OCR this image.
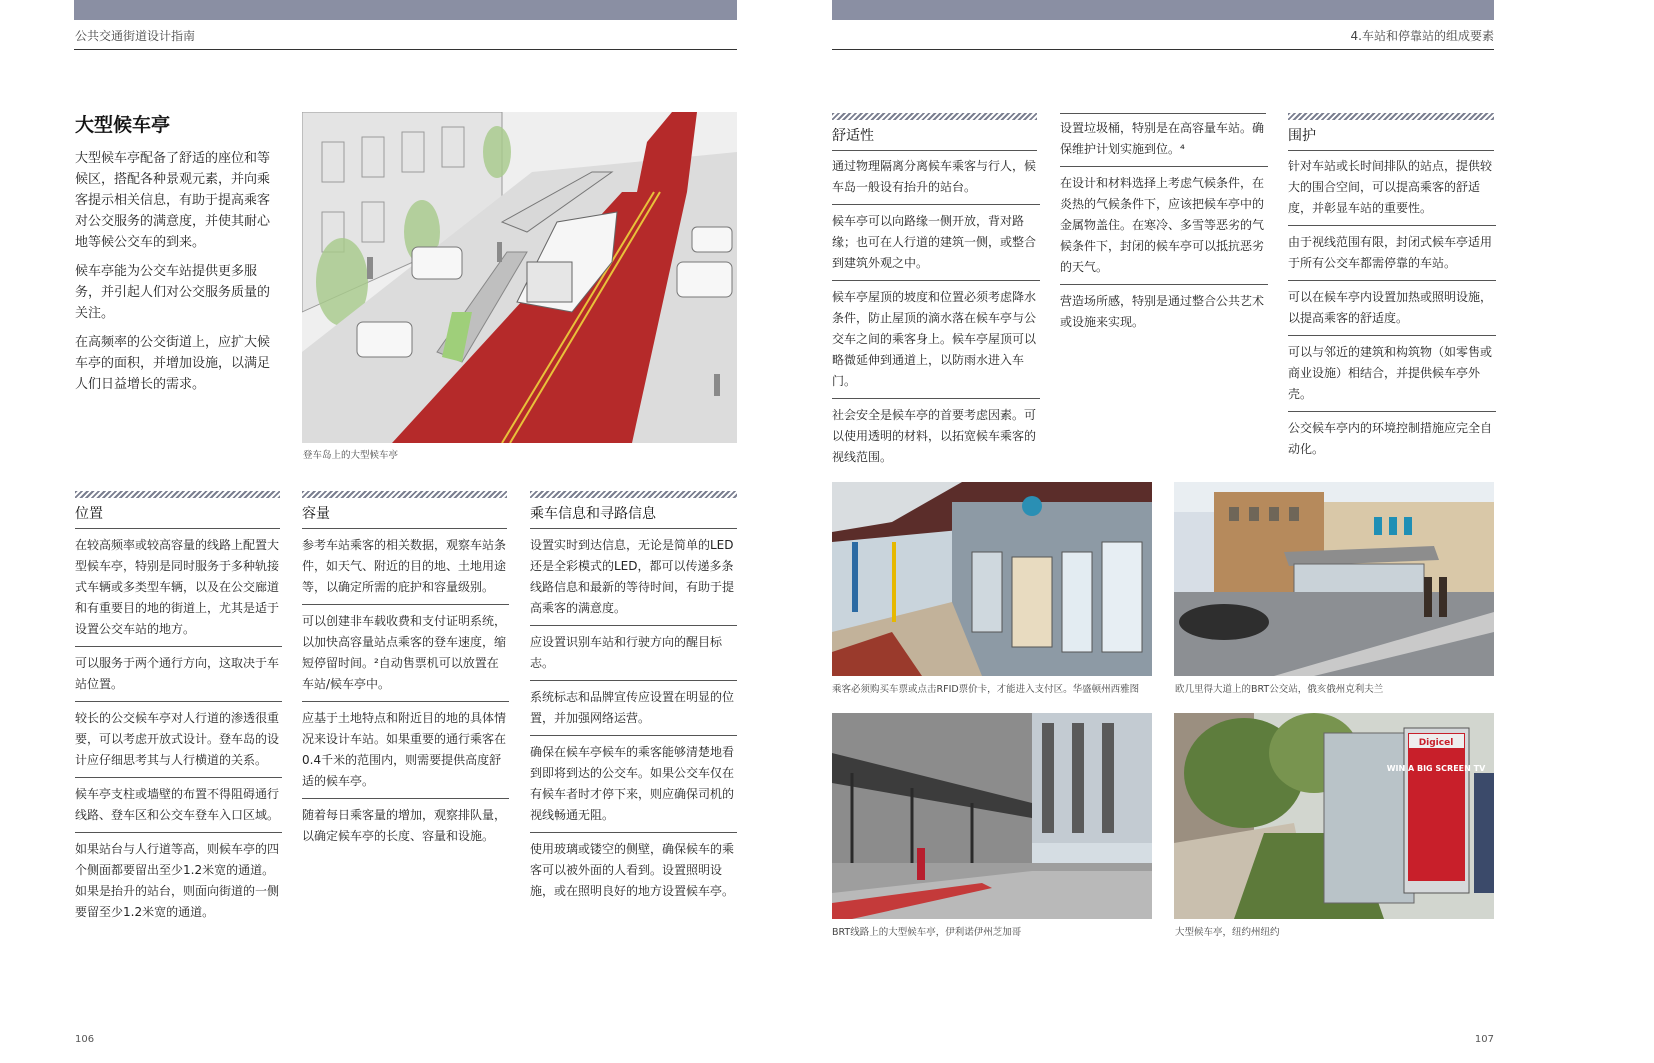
公共交通街道设计指南
大型候车亭

大型候车亭配备了舒适的座位和等候区，搭配各种景观元素，并向乘客提示相关信息，有助于提高乘客对公交服务的满意度，并使其耐心地等候公交车的到来。

候车亭能为公交车站提供更多服务，并引起人们对公交服务质量的关注。

在高频率的公交街道上，应扩大候车亭的面积，并增加设施，以满足人们日益增长的需求。

登车岛上的大型候车亭
位置

在较高频率或较高容量的线路上配置大型候车亭，特别是同时服务于多种轨接式车辆或多类型车辆，以及在公交廊道和有重要目的地的街道上，尤其是适于设置公交车站的地方。

可以服务于两个通行方向，这取决于车站位置。

较长的公交候车亭对人行道的渗透很重要，可以考虑开放式设计。登车岛的设计应仔细思考其与人行横道的关系。

候车亭支柱或墙壁的布置不得阻碍通行线路、登车区和公交车登车入口区域。

如果站台与人行道等高，则候车亭的四个侧面都要留出至少1.2米宽的通道。如果是抬升的站台，则面向街道的一侧要留至少1.2米宽的通道。

容量

参考车站乘客的相关数据，观察车站条件，如天气、附近的目的地、土地用途等，以确定所需的庇护和容量级别。

可以创建非车载收费和支付证明系统，以加快高容量站点乘客的登车速度，缩短停留时间。²自动售票机可以放置在车站/候车亭中。

应基于土地特点和附近目的地的具体情况来设计车站。如果重要的通行乘客在0.4千米的范围内，则需要提供高度舒适的候车亭。

随着每日乘客量的增加，观察排队量，以确定候车亭的长度、容量和设施。

乘车信息和寻路信息

设置实时到达信息，无论是简单的LED还是全彩模式的LED，都可以传递多条线路信息和最新的等待时间，有助于提高乘客的满意度。

应设置识别车站和行驶方向的醒目标志。

系统标志和品牌宣传应设置在明显的位置，并加强网络运营。

确保在候车亭候车的乘客能够清楚地看到即将到达的公交车。如果公交车仅在有候车者时才停下来，则应确保司机的视线畅通无阻。

使用玻璃或镂空的侧壁，确保候车的乘客可以被外面的人看到。设置照明设施，或在照明良好的地方设置候车亭。

106
4.车站和停靠站的组成要素
舒适性

通过物理隔离分离候车乘客与行人，候车岛一般设有抬升的站台。

候车亭可以向路缘一侧开放，背对路缘；也可在人行道的建筑一侧，或整合到建筑外观之中。

候车亭屋顶的坡度和位置必须考虑降水条件，防止屋顶的滴水落在候车亭与公交车之间的乘客身上。候车亭屋顶可以略微延伸到通道上，以防雨水进入车门。

社会安全是候车亭的首要考虑因素。可以使用透明的材料，以拓宽候车乘客的视线范围。

设置垃圾桶，特别是在高容量车站。确保维护计划实施到位。⁴

在设计和材料选择上考虑气候条件，在炎热的气候条件下，应该把候车亭中的金属物盖住。在寒冷、多雪等恶劣的气候条件下，封闭的候车亭可以抵抗恶劣的天气。

营造场所感，特别是通过整合公共艺术或设施来实现。

围护

针对车站或长时间排队的站点，提供较大的围合空间，可以提高乘客的舒适度，并彰显车站的重要性。

由于视线范围有限，封闭式候车亭适用于所有公交车都需停靠的车站。

可以在候车亭内设置加热或照明设施，以提高乘客的舒适度。

可以与邻近的建筑和构筑物（如零售或商业设施）相结合，并提供候车亭外壳。

公交候车亭内的环境控制措施应完全自动化。

乘客必须购买车票或点击RFID票价卡，才能进入支付区。华盛顿州西雅图	欧几里得大道上的BRT公交站，俄亥俄州克利夫兰
BRT线路上的大型候车亭，伊利诺伊州芝加哥
Digicel
WIN A BIG SCREEN TV
大型候车亭，纽约州纽约
107
